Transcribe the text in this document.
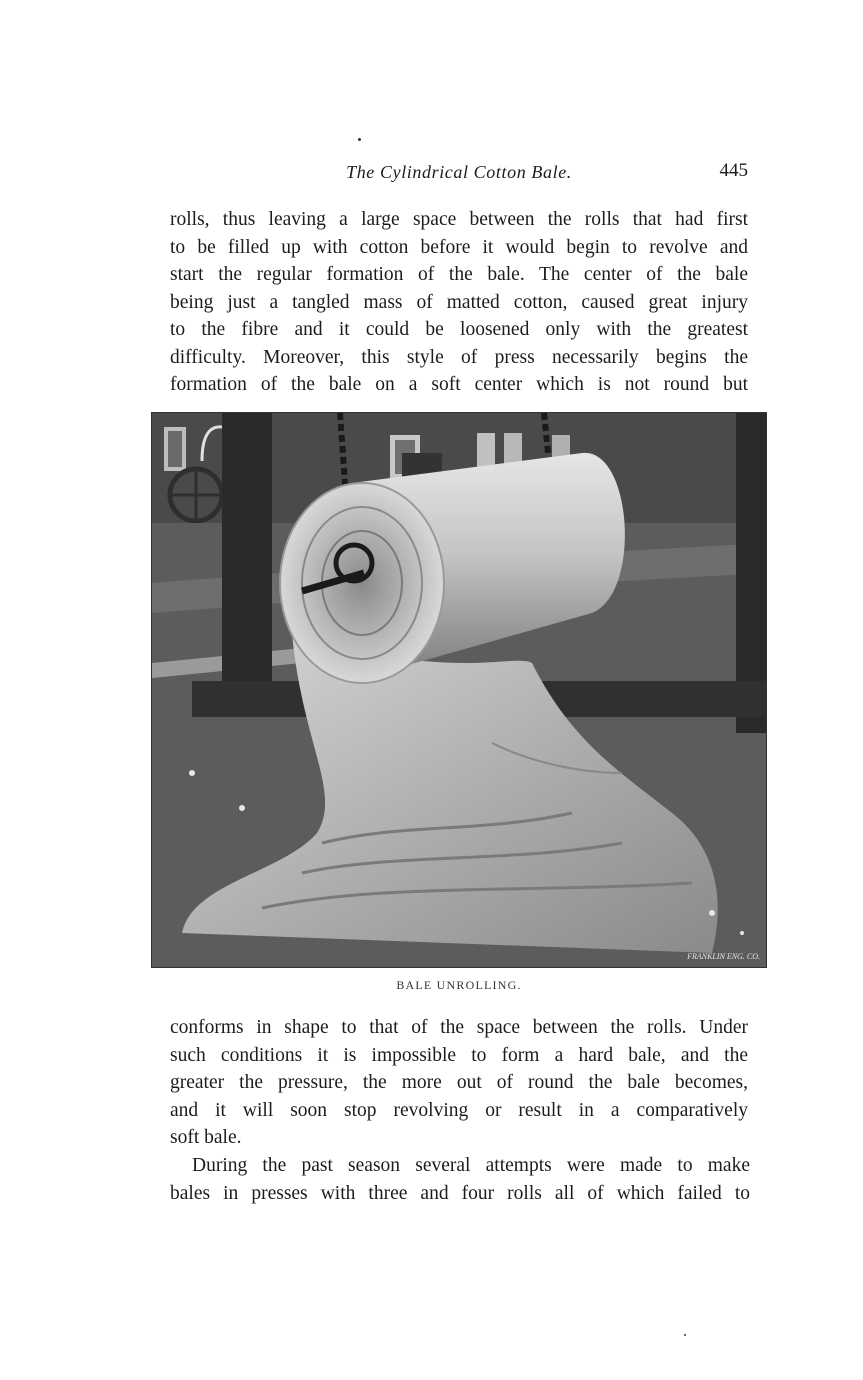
The Cylindrical Cotton Bale.	445

rolls, thus leaving a large space between the rolls that had first
to be filled up with cotton before it would begin to revolve and
start the regular formation of the bale. The center of the bale
being just a tangled mass of matted cotton, caused great injury
to the fibre and it could be loosened only with the greatest
difficulty. Moreover, this style of press necessarily begins the
formation of the bale on a soft center which is not round but

FRANKLIN ENG. CO.
BALE UNROLLING.

conforms in shape to that of the space between the rolls. Under
such conditions it is impossible to form a hard bale, and the
greater the pressure, the more out of round the bale becomes,
and it will soon stop revolving or result in a comparatively
soft bale.

During the past season several attempts were made to make
bales in presses with three and four rolls all of which failed to
